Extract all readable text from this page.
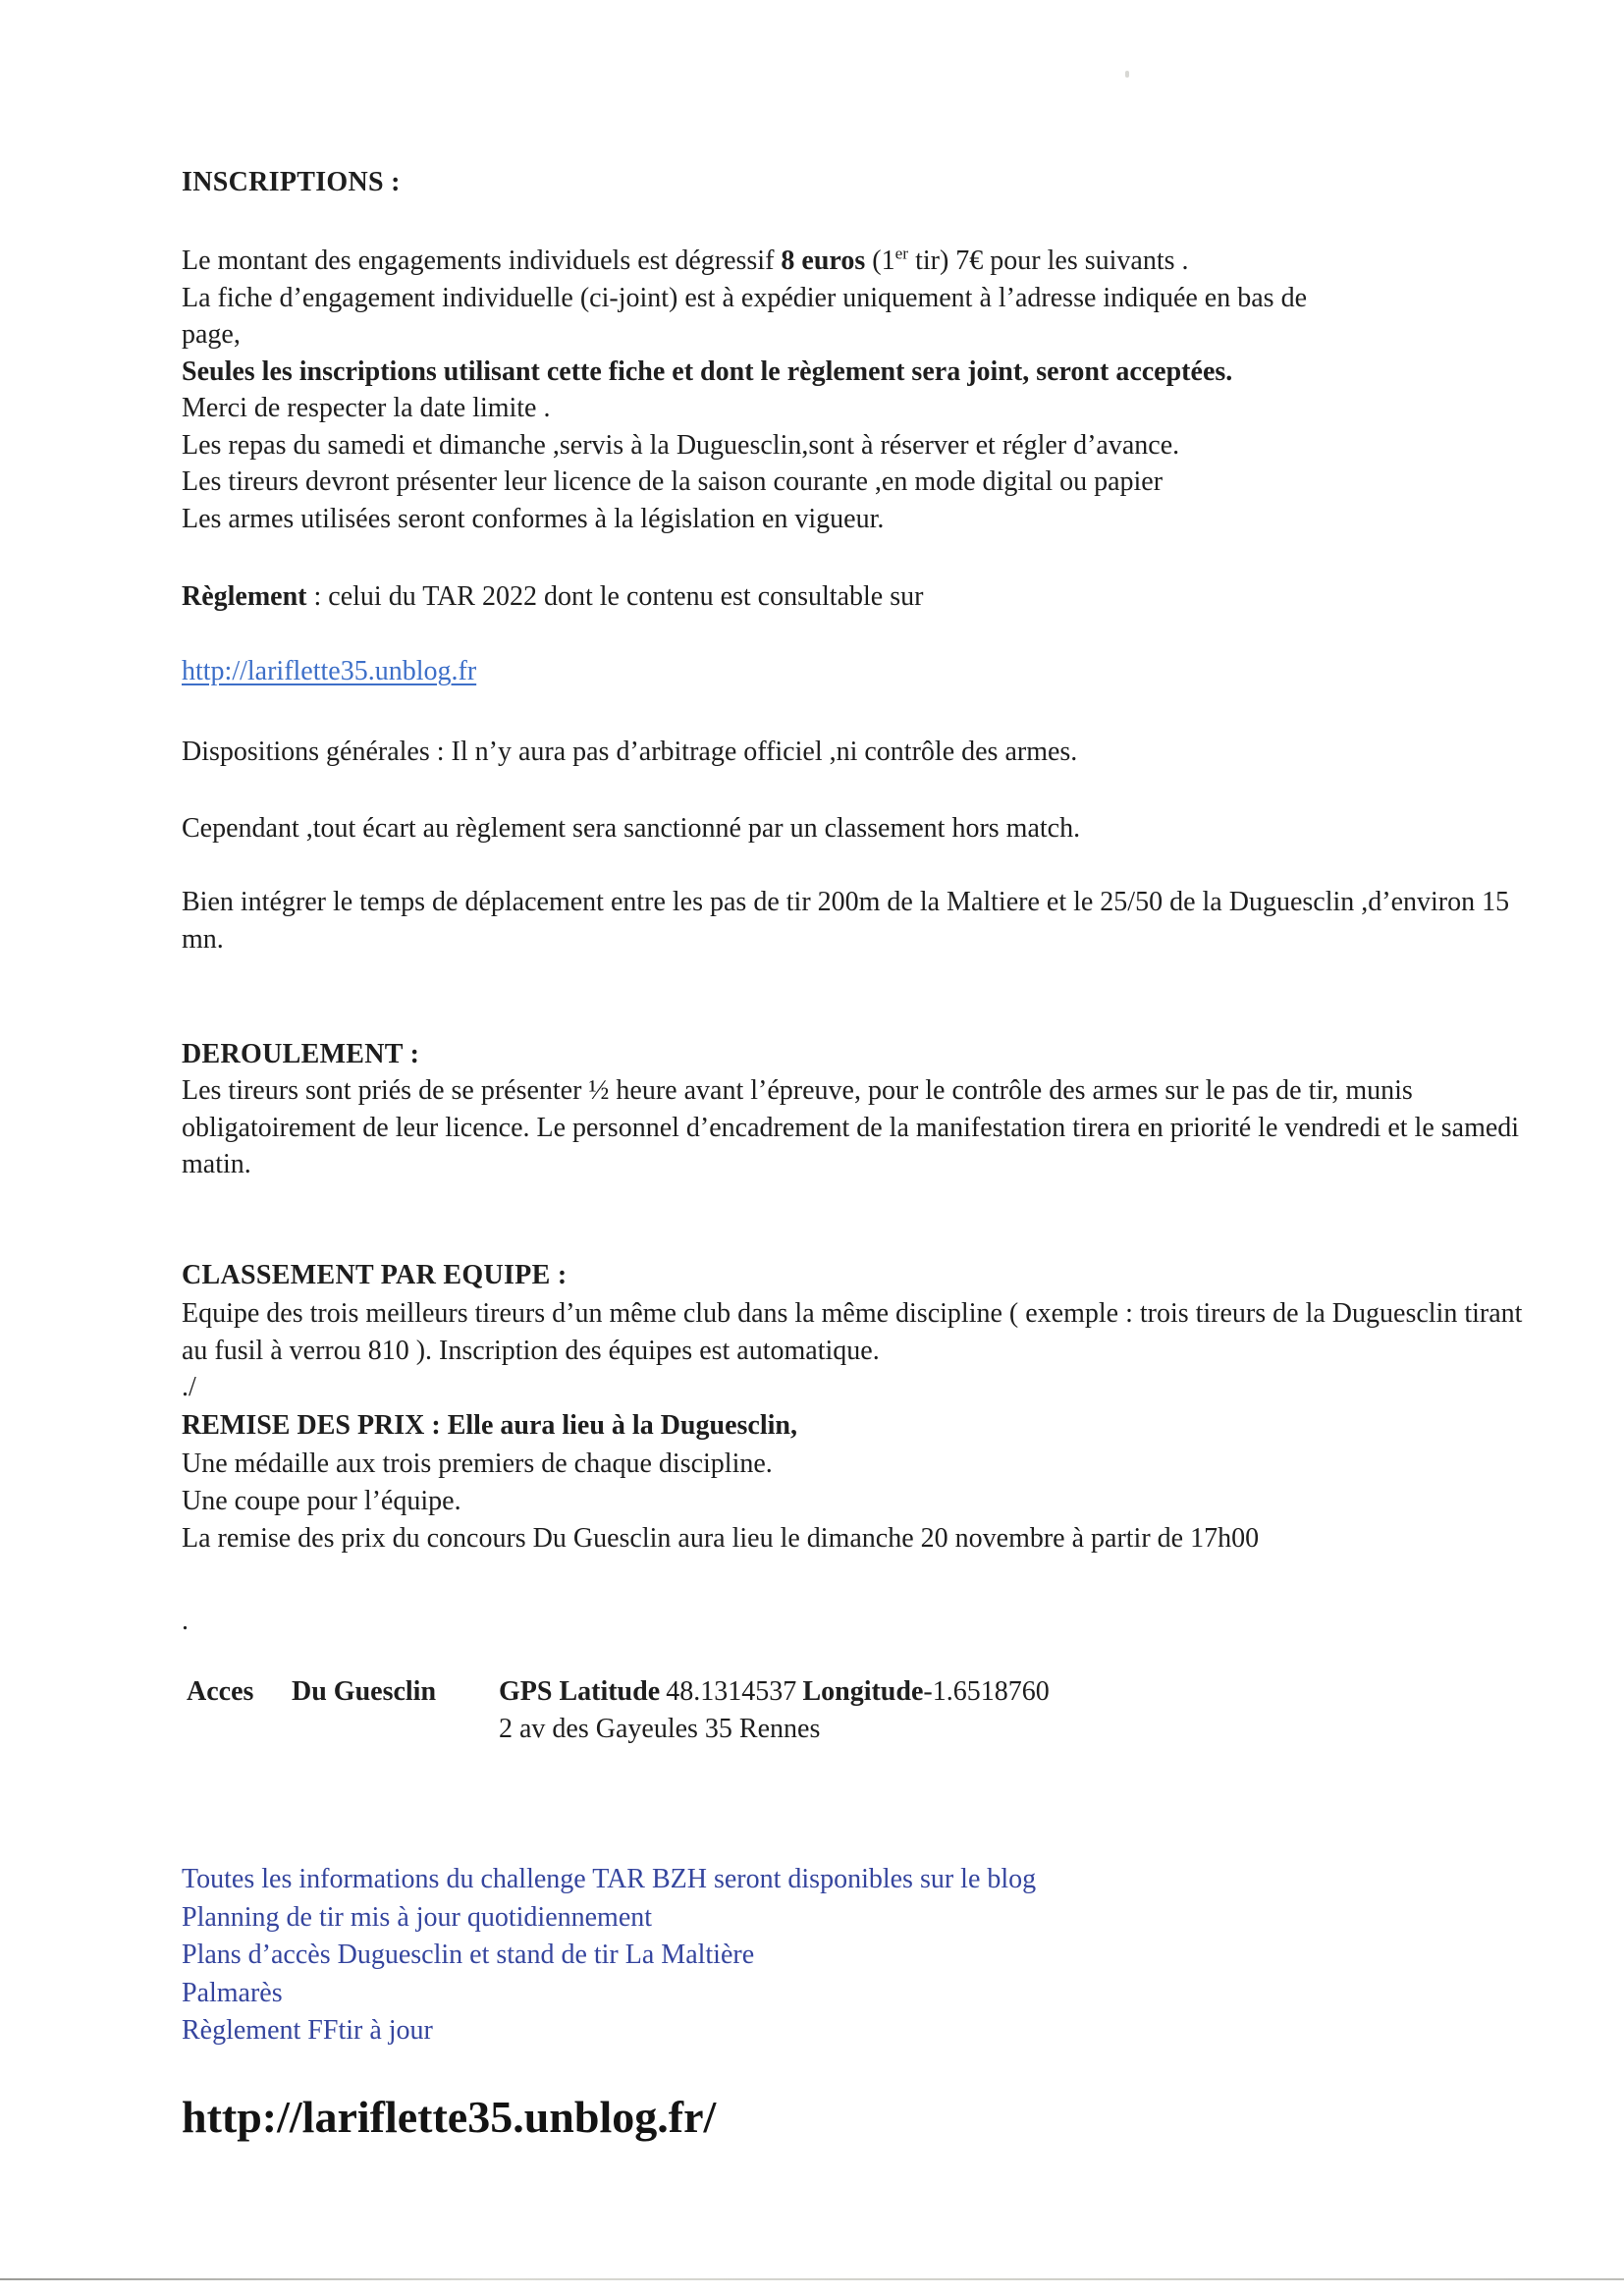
INSCRIPTIONS :
Le montant des engagements individuels est dégressif 8 euros (1er tir) 7€ pour les suivants .
La fiche d’engagement individuelle (ci-joint) est à expédier uniquement à l’adresse indiquée en bas de
page,
Seules les inscriptions utilisant cette fiche et dont le règlement sera joint, seront acceptées.
Merci de respecter la date limite .
Les repas du samedi et dimanche ,servis à la Duguesclin,sont à réserver et régler d’avance.
Les tireurs devront présenter leur licence de la saison courante ,en mode digital ou papier
Les armes utilisées seront conformes à la législation en vigueur.
Règlement : celui du TAR 2022 dont le contenu est consultable sur
http://lariflette35.unblog.fr
Dispositions générales : Il n’y aura pas d’arbitrage officiel ,ni contrôle des armes.
Cependant ,tout écart au règlement sera sanctionné par un classement hors match.
Bien intégrer le temps de déplacement entre les pas de tir 200m de la Maltiere et le 25/50 de la Duguesclin ,d’environ 15 mn.
DEROULEMENT :
Les tireurs sont priés de se présenter ½ heure avant l’épreuve, pour le contrôle des armes sur le pas de tir, munis obligatoirement de leur licence. Le personnel d’encadrement de la manifestation tirera en priorité le vendredi et le samedi matin.
CLASSEMENT PAR EQUIPE :
Equipe des trois meilleurs tireurs d’un même club dans la même discipline ( exemple : trois tireurs de la Duguesclin tirant au fusil à verrou 810 ). Inscription des équipes est automatique.
./
REMISE DES PRIX : Elle aura lieu à la Duguesclin,
Une médaille aux trois premiers de chaque discipline.
Une coupe pour l’équipe.
La remise des prix du concours Du Guesclin aura lieu le dimanche 20 novembre à partir de 17h00
.
Acces Du Guesclin GPS Latitude 48.1314537 Longitude-1.6518760
2 av des Gayeules 35 Rennes
Toutes les informations du challenge TAR BZH seront disponibles sur le blog
Planning de tir mis à jour quotidiennement
Plans d’accès Duguesclin et stand de tir La Maltière
Palmarès
Règlement FFtir à jour
http://lariflette35.unblog.fr/
